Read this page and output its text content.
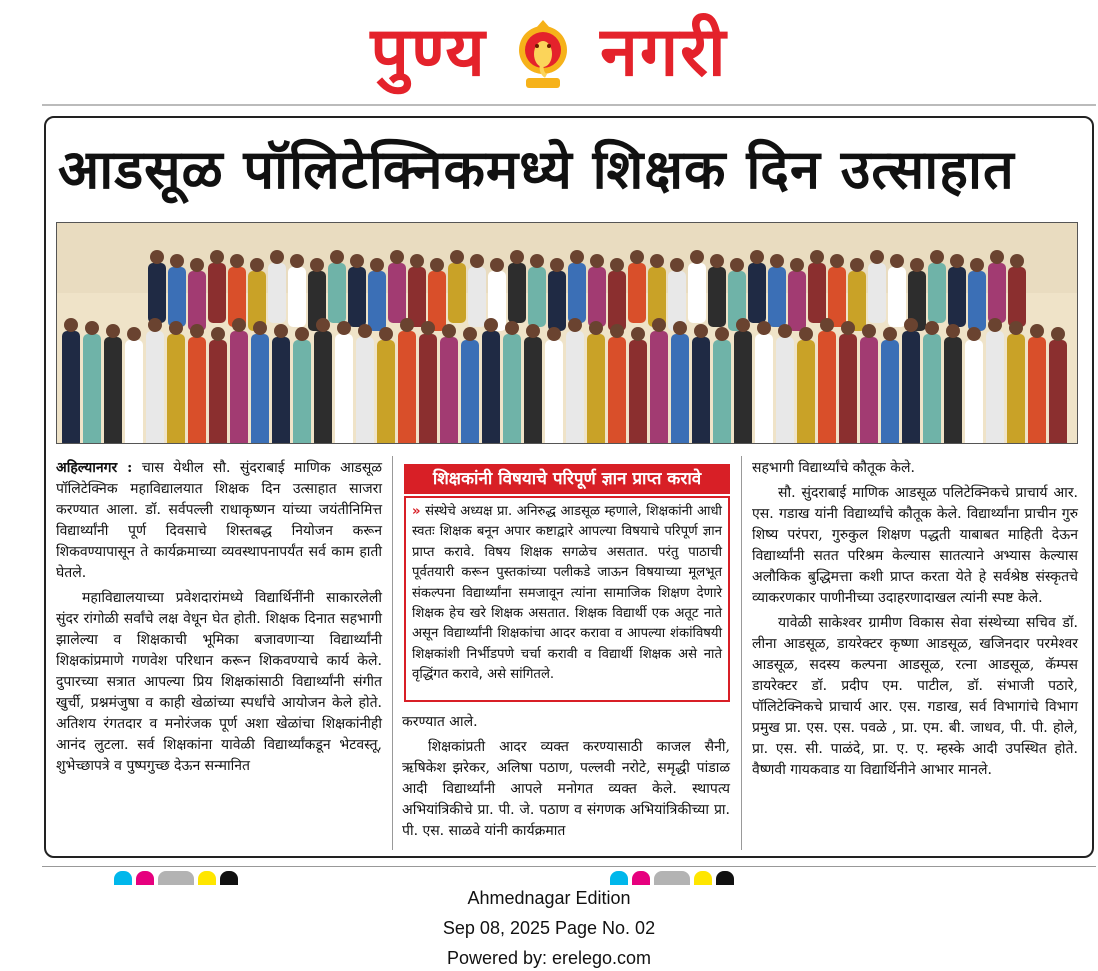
पुण्य नगरी
आडसूळ पॉलिटेक्निकमध्ये शिक्षक दिन उत्साहात

अहिल्यानगर : चास येथील सौ. सुंदराबाई माणिक आडसूळ पॉलिटेक्निक महाविद्यालयात शिक्षक दिन उत्साहात साजरा करण्यात आला. डॉ. सर्वपल्ली राधाकृष्णन यांच्या जयंतीनिमित्त विद्यार्थ्यांनी पूर्ण दिवसाचे शिस्तबद्ध नियोजन करून शिकवण्यापासून ते कार्यक्रमाच्या व्यवस्थापनापर्यंत सर्व काम हाती घेतले.

महाविद्यालयाच्या प्रवेशदारांमध्ये विद्यार्थिनींनी साकारलेली सुंदर रांगोळी सर्वांचे लक्ष वेधून घेत होती. शिक्षक दिनात सहभागी झालेल्या व शिक्षकाची भूमिका बजावणाऱ्या विद्यार्थ्यांनी शिक्षकांप्रमाणे गणवेश परिधान करून शिकवण्याचे कार्य केले. दुपारच्या सत्रात आपल्या प्रिय शिक्षकांसाठी विद्यार्थ्यांनी संगीत खुर्ची, प्रश्नमंजुषा व काही खेळांच्या स्पर्धांचे आयोजन केले होते. अतिशय रंगतदार व मनोरंजक पूर्ण अशा खेळांचा शिक्षकांनीही आनंद लुटला. सर्व शिक्षकांना यावेळी विद्यार्थ्यांकडून भेटवस्तू, शुभेच्छापत्रे व पुष्पगुच्छ देऊन सन्मानित

शिक्षकांनी विषयाचे परिपूर्ण ज्ञान प्राप्त करावे
» संस्थेचे अध्यक्ष प्रा. अनिरुद्ध आडसूळ म्हणाले, शिक्षकांनी आधी स्वतः शिक्षक बनून अपार कष्टाद्वारे आपल्या विषयाचे परिपूर्ण ज्ञान प्राप्त करावे. विषय शिक्षक सगळेच असतात. परंतु पाठाची पूर्वतयारी करून पुस्तकांच्या पलीकडे जाऊन विषयाच्या मूलभूत संकल्पना विद्यार्थ्यांना समजावून त्यांना सामाजिक शिक्षण देणारे शिक्षक हेच खरे शिक्षक असतात. शिक्षक विद्यार्थी एक अतूट नाते असून विद्यार्थ्यांनी शिक्षकांचा आदर करावा व आपल्या शंकांविषयी शिक्षकांशी निर्भीडपणे चर्चा करावी व विद्यार्थी शिक्षक असे नाते वृद्धिंगत करावे, असे सांगितले.

करण्यात आले.

शिक्षकांप्रती आदर व्यक्त करण्यासाठी काजल सैनी, ऋषिकेश झरेकर, अलिषा पठाण, पल्लवी नरोटे, समृद्धी पांडाळ आदी विद्यार्थ्यांनी आपले मनोगत व्यक्त केले. स्थापत्य अभियांत्रिकीचे प्रा. पी. जे. पठाण व संगणक अभियांत्रिकीच्या प्रा. पी. एस. साळवे यांनी कार्यक्रमात

सहभागी विद्यार्थ्यांचे कौतूक केले.

सौ. सुंदराबाई माणिक आडसूळ पलिटेक्निकचे प्राचार्य आर. एस. गडाख यांनी विद्यार्थ्यांचे कौतूक केले. विद्यार्थ्यांना प्राचीन गुरु शिष्य परंपरा, गुरुकुल शिक्षण पद्धती याबाबत माहिती देऊन विद्यार्थ्यांनी सतत परिश्रम केल्यास सातत्याने अभ्यास केल्यास अलौकिक बुद्धिमत्ता कशी प्राप्त करता येते हे सर्वश्रेष्ठ संस्कृतचे व्याकरणकार पाणीनीच्या उदाहरणादाखल त्यांनी स्पष्ट केले.

यावेळी साकेश्वर ग्रामीण विकास सेवा संस्थेच्या सचिव डॉ. लीना आडसूळ, डायरेक्टर कृष्णा आडसूळ, खजिनदार परमेश्वर आडसूळ, सदस्य कल्पना आडसूळ, रत्ना आडसूळ, कॅम्पस डायरेक्टर डॉ. प्रदीप एम. पाटील, डॉ. संभाजी पठारे, पॉलिटेक्निकचे प्राचार्य आर. एस. गडाख, सर्व विभागांचे विभाग प्रमुख प्रा. एस. एस. पवळे , प्रा. एम. बी. जाधव, पी. पी. होले, प्रा. एस. सी. पाळंदे, प्रा. ए. ए. म्हस्के आदी उपस्थित होते. वैष्णवी गायकवाड या विद्यार्थिनीने आभार मानले.

Ahmednagar Edition
Sep 08, 2025 Page No. 02
Powered by: erelego.com
